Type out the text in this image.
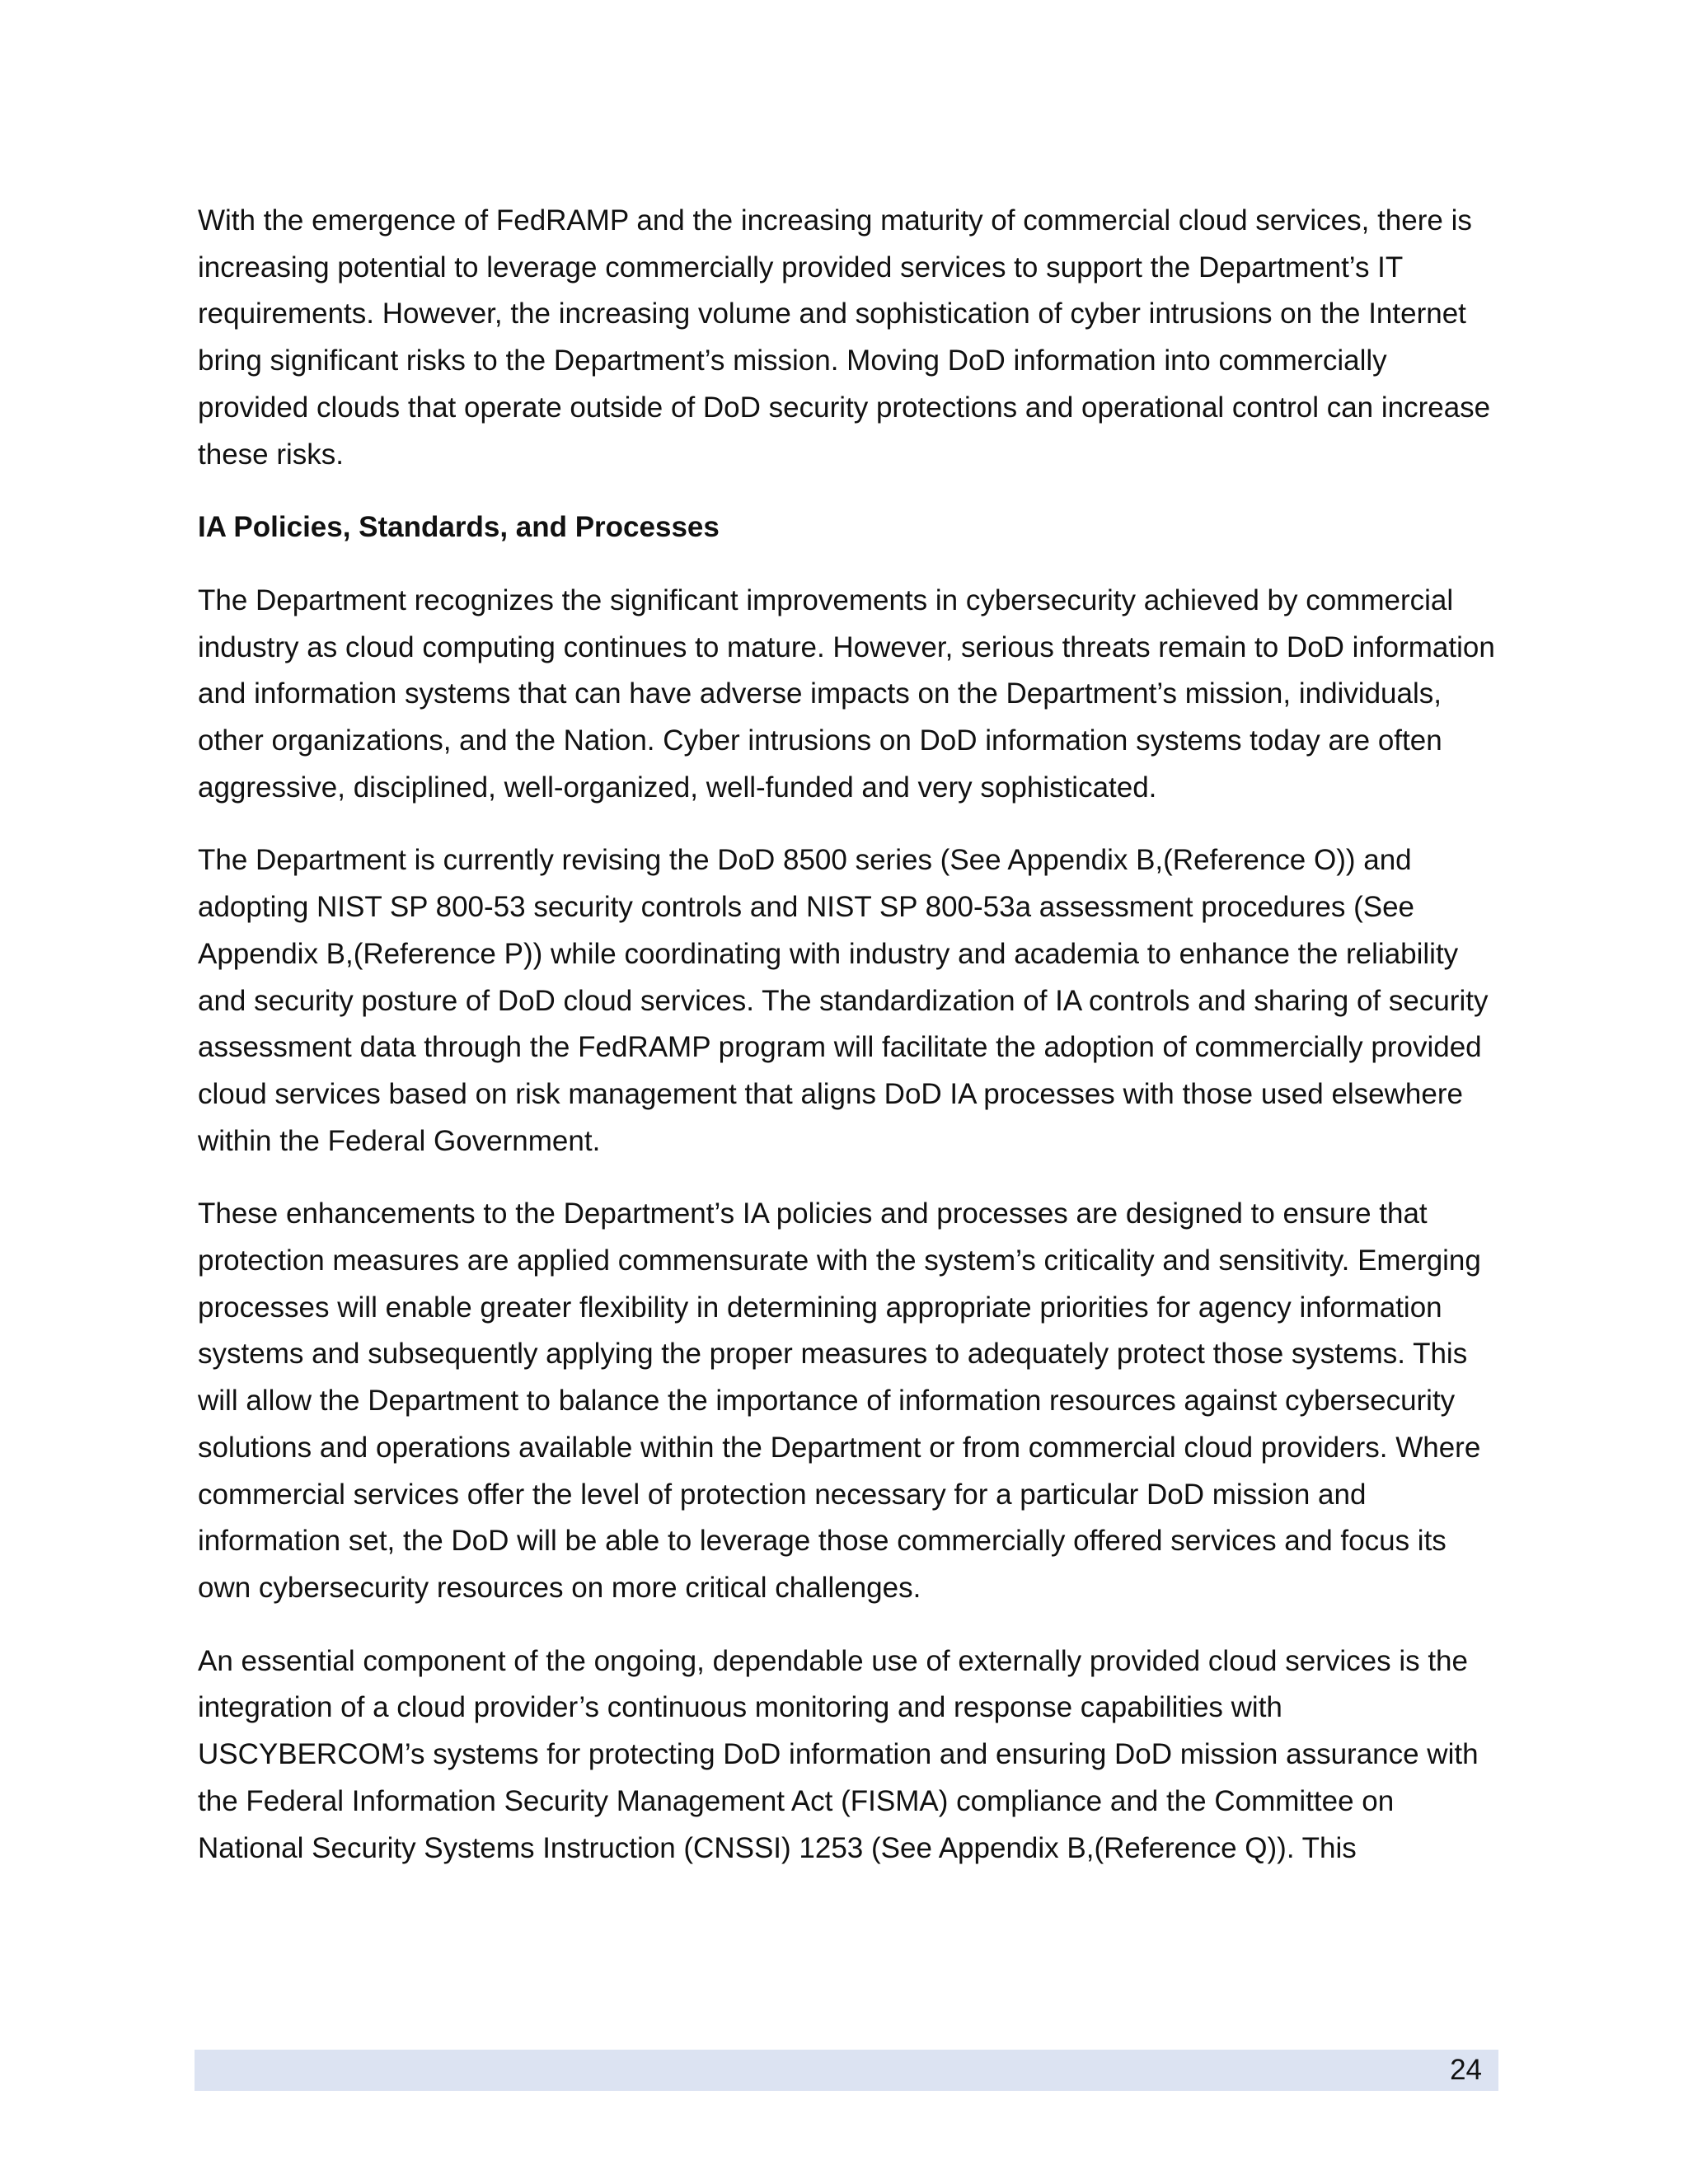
With the emergence of FedRAMP and the increasing maturity of commercial cloud services, there is increasing potential to leverage commercially provided services to support the Department’s IT requirements. However, the increasing volume and sophistication of cyber intrusions on the Internet bring significant risks to the Department’s mission. Moving DoD information into commercially provided clouds that operate outside of DoD security protections and operational control can increase these risks.

IA Policies, Standards, and Processes

The Department recognizes the significant improvements in cybersecurity achieved by commercial industry as cloud computing continues to mature. However, serious threats remain to DoD information and information systems that can have adverse impacts on the Department’s mission, individuals, other organizations, and the Nation. Cyber intrusions on DoD information systems today are often aggressive, disciplined, well-organized, well-funded and very sophisticated.

The Department is currently revising the DoD 8500 series (See Appendix B,(Reference O)) and adopting NIST SP 800-53 security controls and NIST SP 800-53a assessment procedures (See Appendix B,(Reference P)) while coordinating with industry and academia to enhance the reliability and security posture of DoD cloud services. The standardization of IA controls and sharing of security assessment data through the FedRAMP program will facilitate the adoption of commercially provided cloud services based on risk management that aligns DoD IA processes with those used elsewhere within the Federal Government.

These enhancements to the Department’s IA policies and processes are designed to ensure that protection measures are applied commensurate with the system’s criticality and sensitivity. Emerging processes will enable greater flexibility in determining appropriate priorities for agency information systems and subsequently applying the proper measures to adequately protect those systems. This will allow the Department to balance the importance of information resources against cybersecurity solutions and operations available within the Department or from commercial cloud providers. Where commercial services offer the level of protection necessary for a particular DoD mission and information set, the DoD will be able to leverage those commercially offered services and focus its own cybersecurity resources on more critical challenges.

An essential component of the ongoing, dependable use of externally provided cloud services is the integration of a cloud provider’s continuous monitoring and response capabilities with USCYBERCOM’s systems for protecting DoD information and ensuring DoD mission assurance with the Federal Information Security Management Act (FISMA) compliance and the Committee on National Security Systems Instruction (CNSSI) 1253 (See Appendix B,(Reference Q)). This

24
